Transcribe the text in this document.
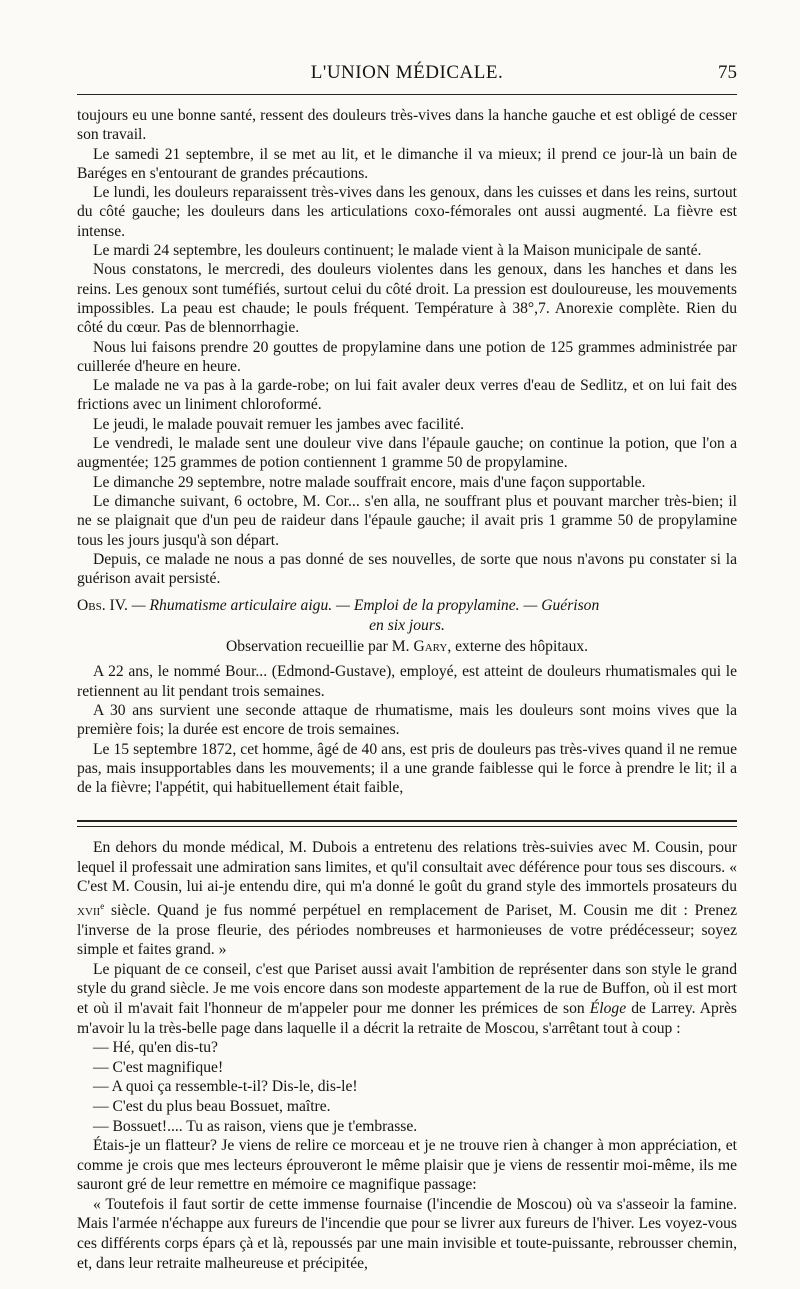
L'UNION MÉDICALE.	75

toujours eu une bonne santé, ressent des douleurs très-vives dans la hanche gauche et est obligé de cesser son travail.

Le samedi 21 septembre, il se met au lit, et le dimanche il va mieux; il prend ce jour-là un bain de Baréges en s'entourant de grandes précautions.

Le lundi, les douleurs reparaissent très-vives dans les genoux, dans les cuisses et dans les reins, surtout du côté gauche; les douleurs dans les articulations coxo-fémorales ont aussi augmenté. La fièvre est intense.

Le mardi 24 septembre, les douleurs continuent; le malade vient à la Maison municipale de santé.

Nous constatons, le mercredi, des douleurs violentes dans les genoux, dans les hanches et dans les reins. Les genoux sont tuméfiés, surtout celui du côté droit. La pression est douloureuse, les mouvements impossibles. La peau est chaude; le pouls fréquent. Température à 38°,7. Anorexie complète. Rien du côté du cœur. Pas de blennorrhagie.

Nous lui faisons prendre 20 gouttes de propylamine dans une potion de 125 grammes administrée par cuillerée d'heure en heure.

Le malade ne va pas à la garde-robe; on lui fait avaler deux verres d'eau de Sedlitz, et on lui fait des frictions avec un liniment chloroformé.

Le jeudi, le malade pouvait remuer les jambes avec facilité.

Le vendredi, le malade sent une douleur vive dans l'épaule gauche; on continue la potion, que l'on a augmentée; 125 grammes de potion contiennent 1 gramme 50 de propylamine.

Le dimanche 29 septembre, notre malade souffrait encore, mais d'une façon supportable.

Le dimanche suivant, 6 octobre, M. Cor... s'en alla, ne souffrant plus et pouvant marcher très-bien; il ne se plaignait que d'un peu de raideur dans l'épaule gauche; il avait pris 1 gramme 50 de propylamine tous les jours jusqu'à son départ.

Depuis, ce malade ne nous a pas donné de ses nouvelles, de sorte que nous n'avons pu constater si la guérison avait persisté.

Obs. IV. — Rhumatisme articulaire aigu. — Emploi de la propylamine. — Guérison
en six jours.
Observation recueillie par M. Gary, externe des hôpitaux.

A 22 ans, le nommé Bour... (Edmond-Gustave), employé, est atteint de douleurs rhumatismales qui le retiennent au lit pendant trois semaines.

A 30 ans survient une seconde attaque de rhumatisme, mais les douleurs sont moins vives que la première fois; la durée est encore de trois semaines.

Le 15 septembre 1872, cet homme, âgé de 40 ans, est pris de douleurs pas très-vives quand il ne remue pas, mais insupportables dans les mouvements; il a une grande faiblesse qui le force à prendre le lit; il a de la fièvre; l'appétit, qui habituellement était faible,

En dehors du monde médical, M. Dubois a entretenu des relations très-suivies avec M. Cousin, pour lequel il professait une admiration sans limites, et qu'il consultait avec déférence pour tous ses discours. « C'est M. Cousin, lui ai-je entendu dire, qui m'a donné le goût du grand style des immortels prosateurs du xvii$^e$ siècle. Quand je fus nommé perpétuel en remplacement de Pariset, M. Cousin me dit : Prenez l'inverse de la prose fleurie, des périodes nombreuses et harmonieuses de votre prédécesseur; soyez simple et faites grand. »

Le piquant de ce conseil, c'est que Pariset aussi avait l'ambition de représenter dans son style le grand style du grand siècle. Je me vois encore dans son modeste appartement de la rue de Buffon, où il est mort et où il m'avait fait l'honneur de m'appeler pour me donner les prémices de son Éloge de Larrey. Après m'avoir lu la très-belle page dans laquelle il a décrit la retraite de Moscou, s'arrêtant tout à coup :

— Hé, qu'en dis-tu?

— C'est magnifique!

— A quoi ça ressemble-t-il? Dis-le, dis-le!

— C'est du plus beau Bossuet, maître.

— Bossuet!.... Tu as raison, viens que je t'embrasse.

Étais-je un flatteur? Je viens de relire ce morceau et je ne trouve rien à changer à mon appréciation, et comme je crois que mes lecteurs éprouveront le même plaisir que je viens de ressentir moi-même, ils me sauront gré de leur remettre en mémoire ce magnifique passage:

« Toutefois il faut sortir de cette immense fournaise (l'incendie de Moscou) où va s'asseoir la famine. Mais l'armée n'échappe aux fureurs de l'incendie que pour se livrer aux fureurs de l'hiver. Les voyez-vous ces différents corps épars çà et là, repoussés par une main invisible et toute-puissante, rebrousser chemin, et, dans leur retraite malheureuse et précipitée,
